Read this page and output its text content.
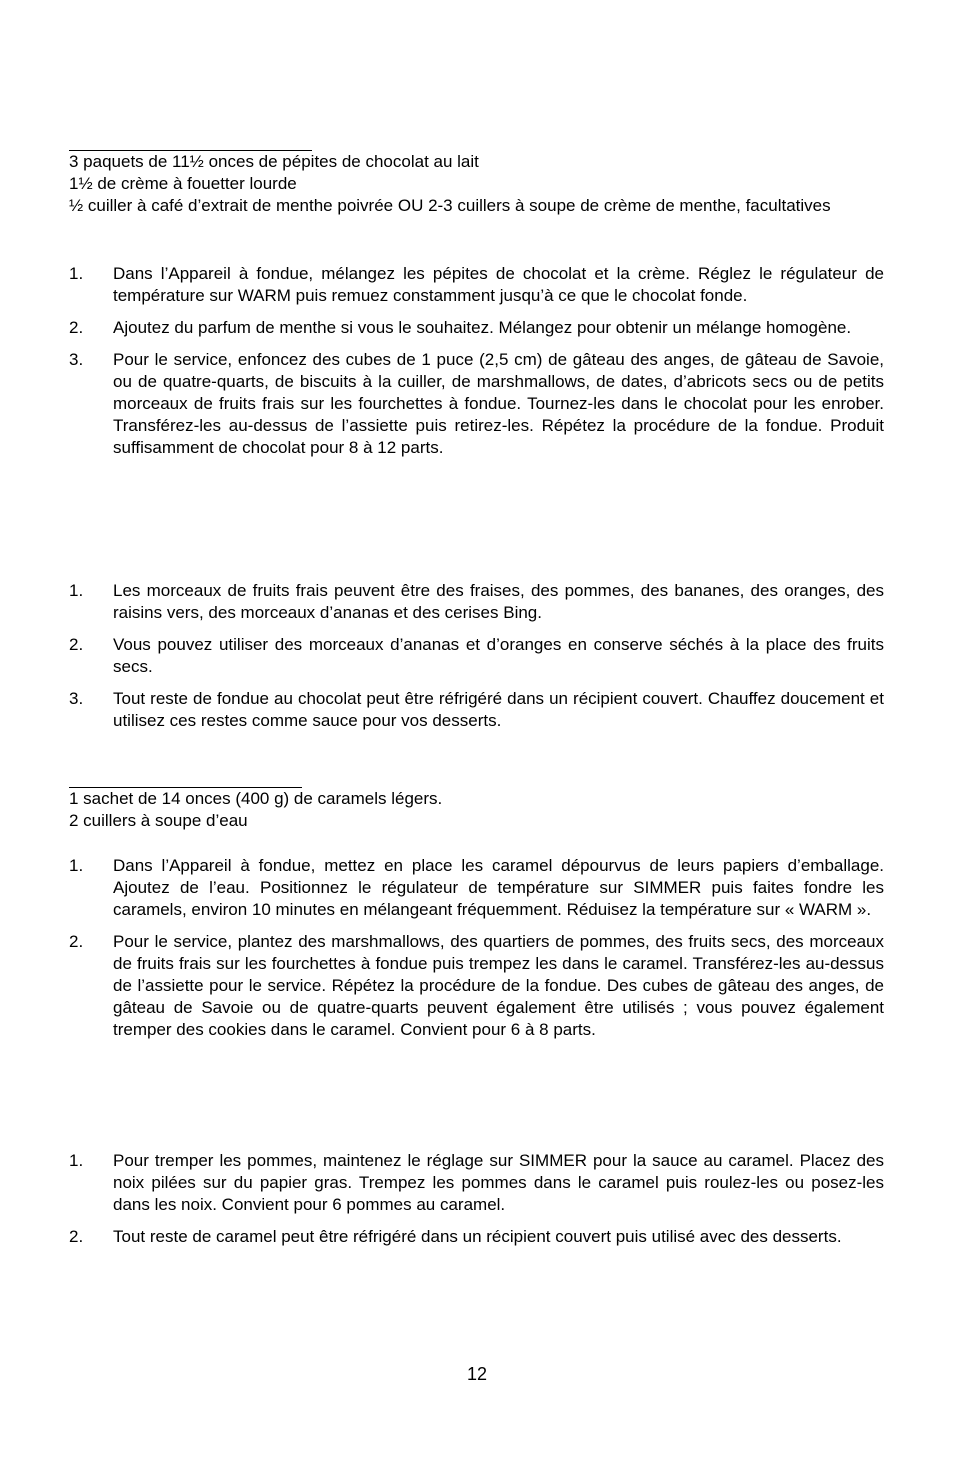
3 paquets de 11½ onces de pépites de chocolat au lait
1½ de crème à fouetter lourde
½ cuiller à café d’extrait de menthe poivrée OU 2-3 cuillers à soupe de crème de menthe, facultatives
1. Dans l’Appareil à fondue, mélangez les pépites de chocolat et la crème. Réglez le régulateur de température sur WARM puis remuez constamment jusqu’à ce que le chocolat fonde.
2. Ajoutez du parfum de menthe si vous le souhaitez. Mélangez pour obtenir un mélange homogène.
3. Pour le service, enfoncez des cubes de 1 puce (2,5 cm) de gâteau des anges, de gâteau de Savoie, ou de quatre-quarts, de biscuits à la cuiller, de marshmallows, de dates, d’abricots secs ou de petits morceaux de fruits frais sur les fourchettes à fondue. Tournez-les dans le chocolat pour les enrober. Transférez-les au-dessus de l’assiette puis retirez-les. Répétez la procédure de la fondue. Produit suffisamment de chocolat pour 8 à 12 parts.
1. Les morceaux de fruits frais peuvent être des fraises, des pommes, des bananes, des oranges, des raisins vers, des morceaux d’ananas et des cerises Bing.
2. Vous pouvez utiliser des morceaux d’ananas et d’oranges en conserve séchés à la place des fruits secs.
3. Tout reste de fondue au chocolat peut être réfrigéré dans un récipient couvert. Chauffez doucement et utilisez ces restes comme sauce pour vos desserts.
1 sachet de 14 onces (400 g) de caramels légers.
2 cuillers à soupe d’eau
1. Dans l’Appareil à fondue, mettez en place les caramel dépourvus de leurs papiers d’emballage. Ajoutez de l’eau. Positionnez le régulateur de température sur SIMMER puis faites fondre les caramels, environ 10 minutes en mélangeant fréquemment. Réduisez la température sur « WARM ».
2. Pour le service, plantez des marshmallows, des quartiers de pommes, des fruits secs, des morceaux de fruits frais sur les fourchettes à fondue puis trempez les dans le caramel. Transférez-les au-dessus de l’assiette pour le service. Répétez la procédure de la fondue. Des cubes de gâteau des anges, de gâteau de Savoie ou de quatre-quarts peuvent également être utilisés ; vous pouvez également tremper des cookies dans le caramel. Convient pour 6 à 8 parts.
1. Pour tremper les pommes, maintenez le réglage sur SIMMER pour la sauce au caramel. Placez des noix pilées sur du papier gras. Trempez les pommes dans le caramel puis roulez-les ou posez-les dans les noix. Convient pour 6 pommes au caramel.
2. Tout reste de caramel peut être réfrigéré dans un récipient couvert puis utilisé avec des desserts.
12
